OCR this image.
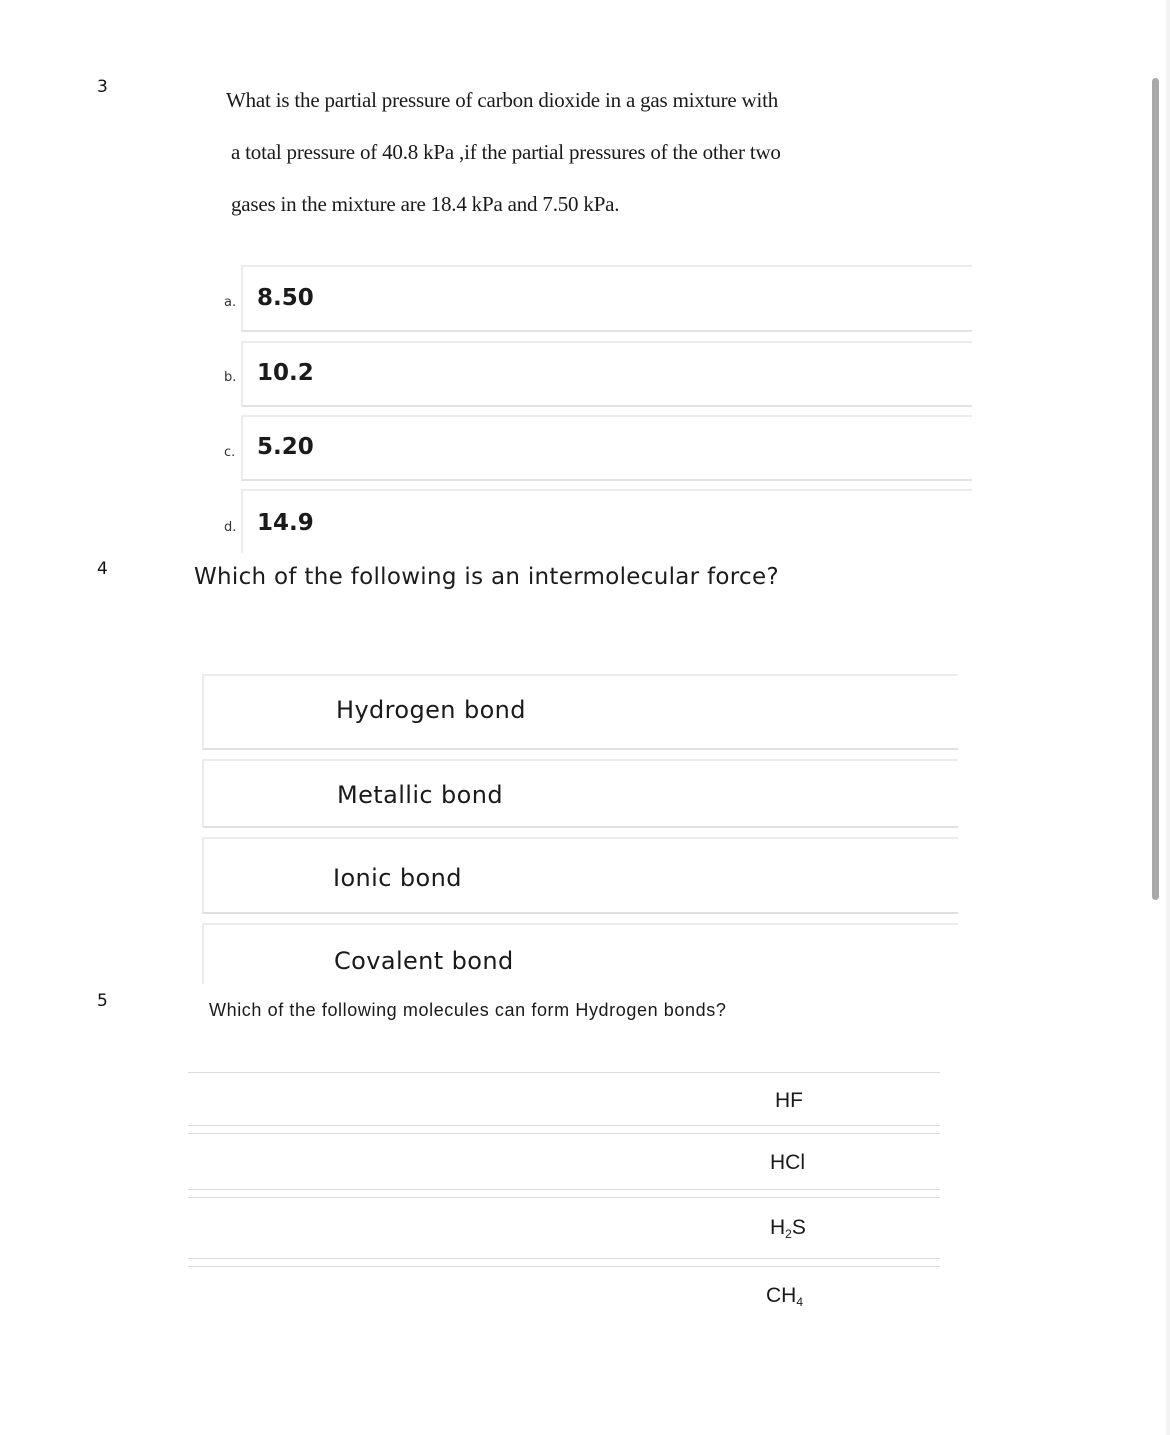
3
What is the partial pressure of carbon dioxide in a gas mixture with
a total pressure of 40.8 kPa ,if the partial pressures of the other two
gases in the mixture are 18.4 kPa and 7.50 kPa.
a. 8.50
b. 10.2
c. 5.20
d. 14.9
4	Which of the following is an intermolecular force?
Hydrogen bond
Metallic bond
Ionic bond
Covalent bond
5	Which of the following molecules can form Hydrogen bonds?
HF
HCl
$H_2S$
$CH_4$
